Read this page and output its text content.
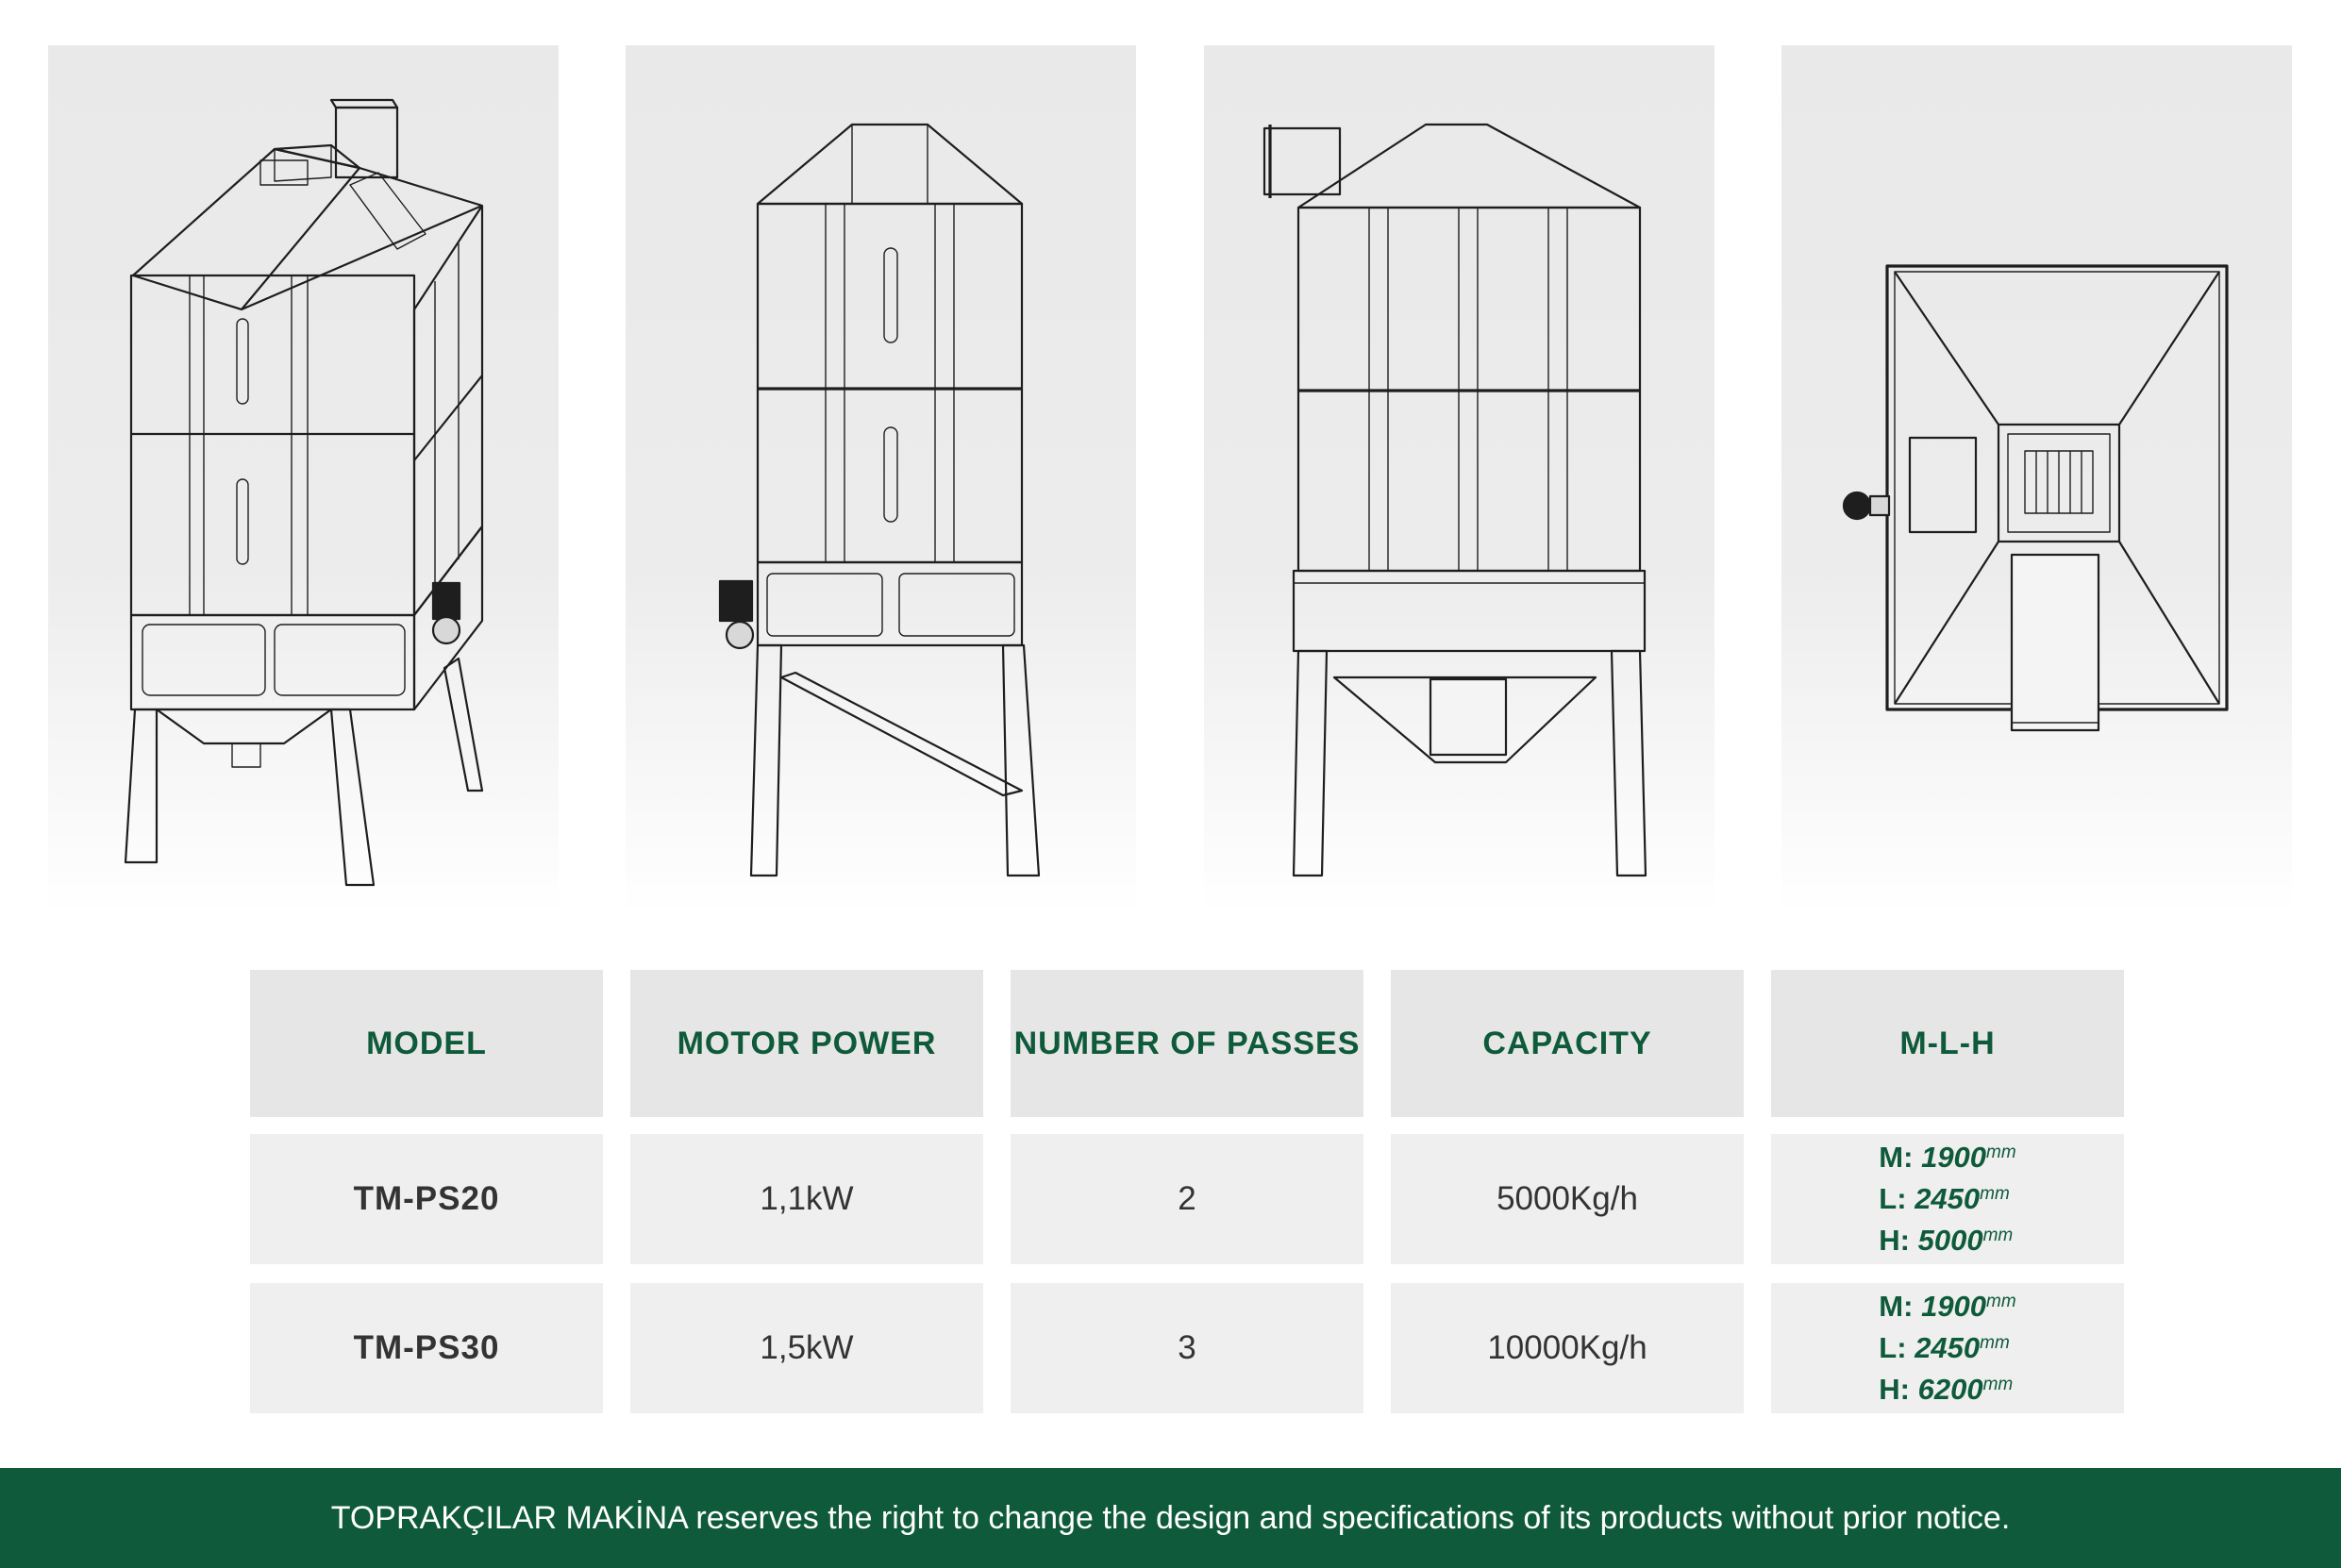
MODEL	MOTOR POWER	NUMBER OF PASSES	CAPACITY	M-L-H

TM-PS20	1,1kW	2	5000Kg/h	M: $1900^{mm}$
L: $2450^{mm}$
H: $5000^{mm}$

TM-PS30	1,5kW	3	10000Kg/h	M: $1900^{mm}$
L: $2450^{mm}$
H: $6200^{mm}$
TOPRAKÇILAR MAKİNA reserves the right to change the design and specifications of its products without prior notice.
